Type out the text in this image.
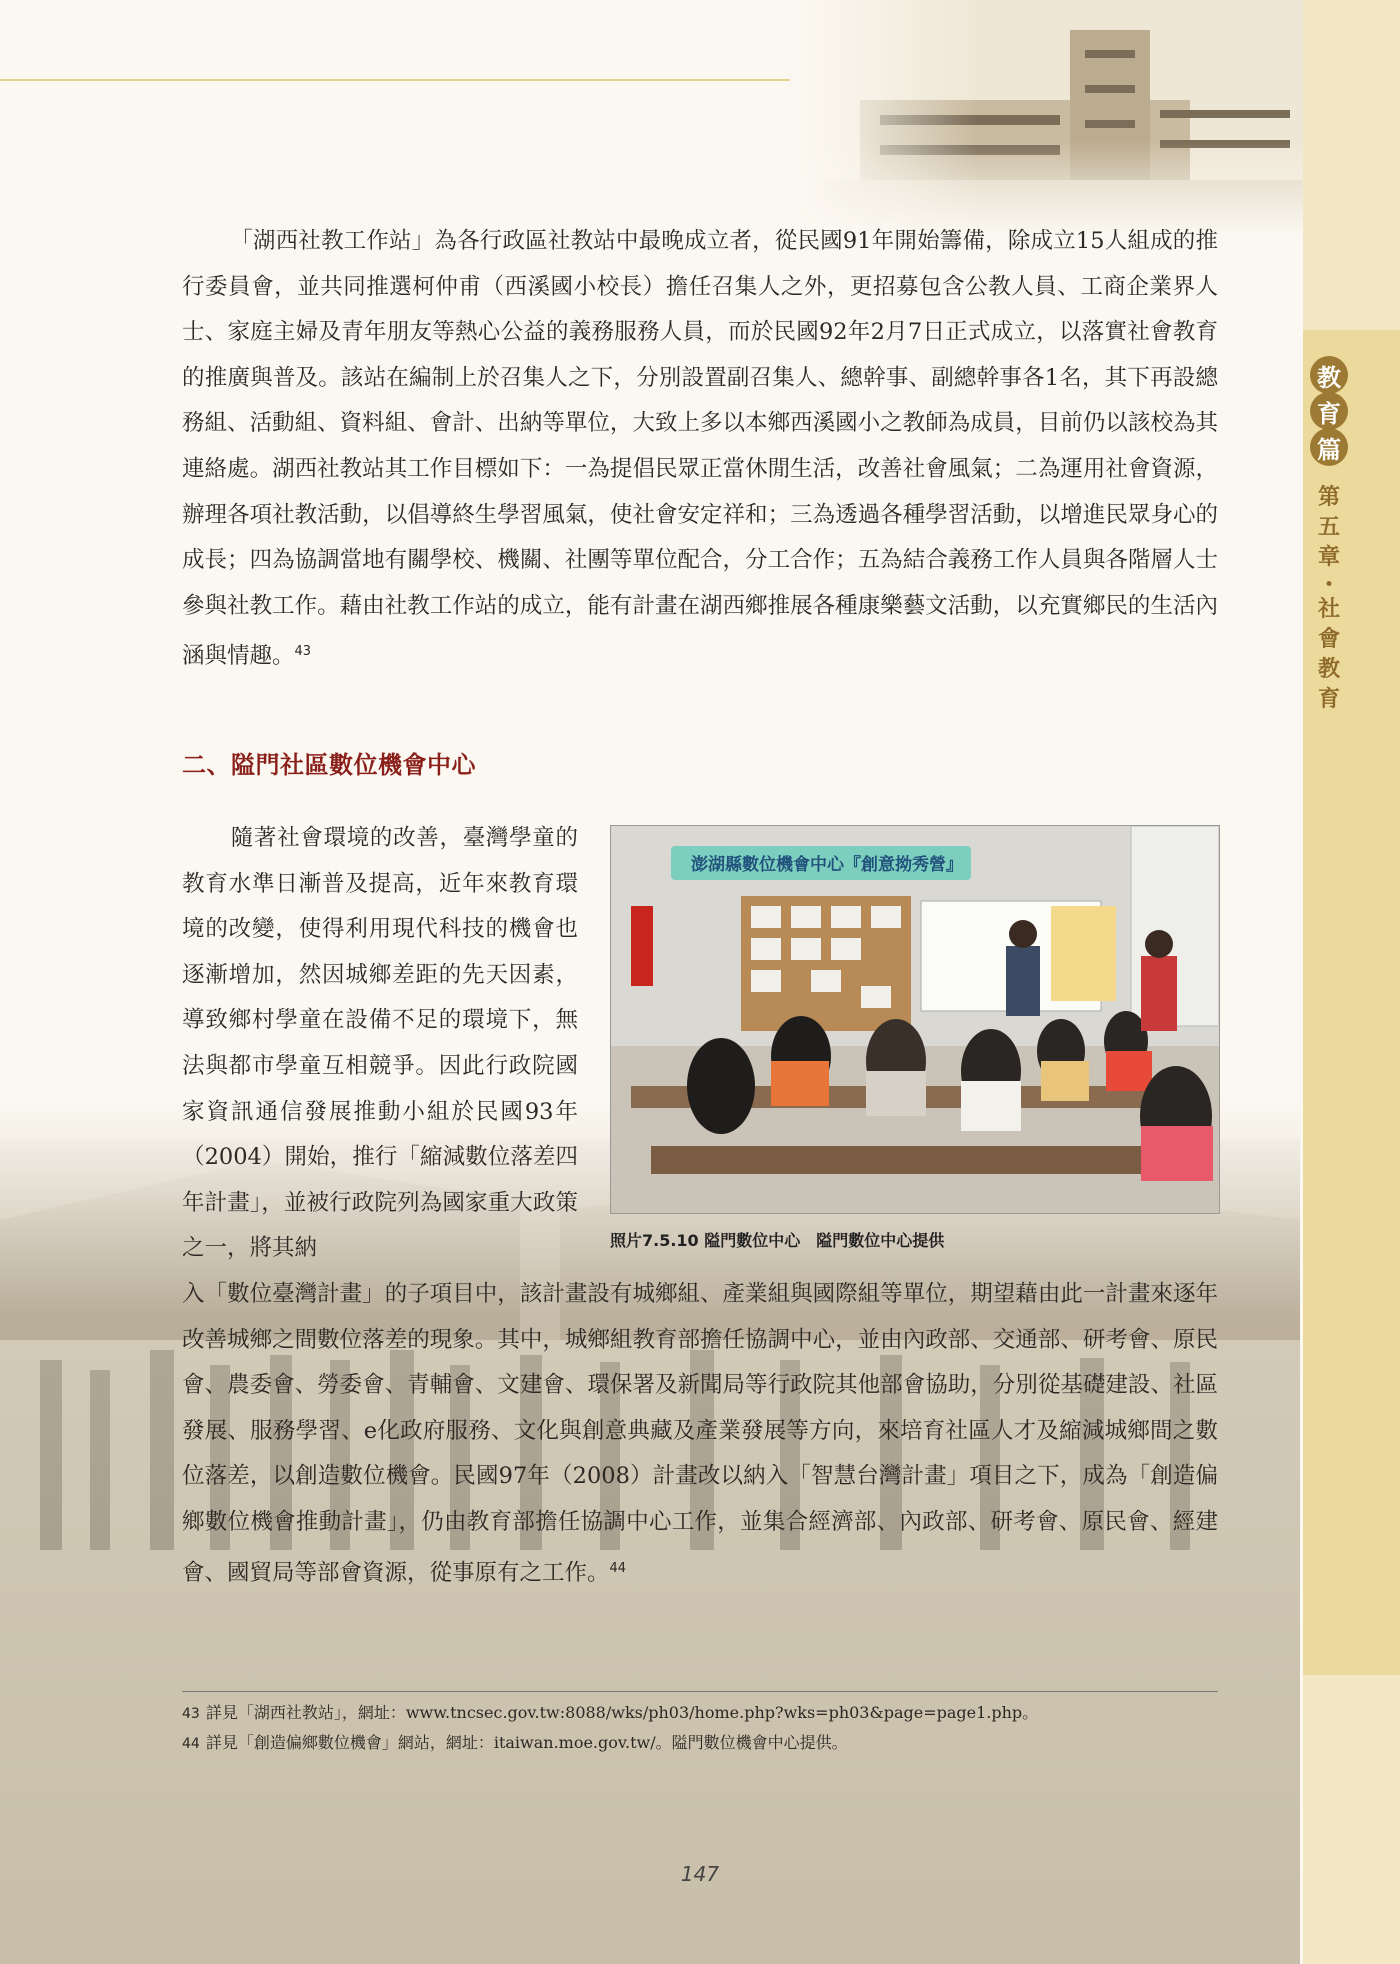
教
育
篇
第
五
章
・
社
會
教
育

「湖西社教工作站」為各行政區社教站中最晚成立者，從民國91年開始籌備，除成立15人組成的推行委員會，並共同推選柯仲甫（西溪國小校長）擔任召集人之外，更招募包含公教人員、工商企業界人士、家庭主婦及青年朋友等熱心公益的義務服務人員，而於民國92年2月7日正式成立，以落實社會教育的推廣與普及。該站在編制上於召集人之下，分別設置副召集人、總幹事、副總幹事各1名，其下再設總務組、活動組、資料組、會計、出納等單位，大致上多以本鄉西溪國小之教師為成員，目前仍以該校為其連絡處。湖西社教站其工作目標如下：一為提倡民眾正當休閒生活，改善社會風氣；二為運用社會資源，辦理各項社教活動，以倡導終生學習風氣，使社會安定祥和；三為透過各種學習活動，以增進民眾身心的成長；四為協調當地有關學校、機關、社團等單位配合，分工合作；五為結合義務工作人員與各階層人士參與社教工作。藉由社教工作站的成立，能有計畫在湖西鄉推展各種康樂藝文活動，以充實鄉民的生活內涵與情趣。$^{43}$

二、隘門社區數位機會中心

隨著社會環境的改善，臺灣學童的教育水準日漸普及提高，近年來教育環境的改變，使得利用現代科技的機會也逐漸增加，然因城鄉差距的先天因素，導致鄉村學童在設備不足的環境下，無法與都市學童互相競爭。因此行政院國家資訊通信發展推動小組於民國93年（2004）開始，推行「縮減數位落差四年計畫」，並被行政院列為國家重大政策之一，將其納

澎湖縣數位機會中心『創意拗秀營』

照片7.5.10 隘門數位中心　隘門數位中心提供

入「數位臺灣計畫」的子項目中，該計畫設有城鄉組、產業組與國際組等單位，期望藉由此一計畫來逐年改善城鄉之間數位落差的現象。其中，城鄉組教育部擔任協調中心，並由內政部、交通部、研考會、原民會、農委會、勞委會、青輔會、文建會、環保署及新聞局等行政院其他部會協助，分別從基礎建設、社區發展、服務學習、e化政府服務、文化與創意典藏及產業發展等方向，來培育社區人才及縮減城鄉間之數位落差，以創造數位機會。民國97年（2008）計畫改以納入「智慧台灣計畫」項目之下，成為「創造偏鄉數位機會推動計畫」，仍由教育部擔任協調中心工作，並集合經濟部、內政部、研考會、原民會、經建會、國貿局等部會資源，從事原有之工作。$^{44}$

43 詳見「湖西社教站」，網址：www.tncsec.gov.tw:8088/wks/ph03/home.php?wks=ph03&page=page1.php。

44 詳見「創造偏鄉數位機會」網站，網址：itaiwan.moe.gov.tw/。隘門數位機會中心提供。

147
